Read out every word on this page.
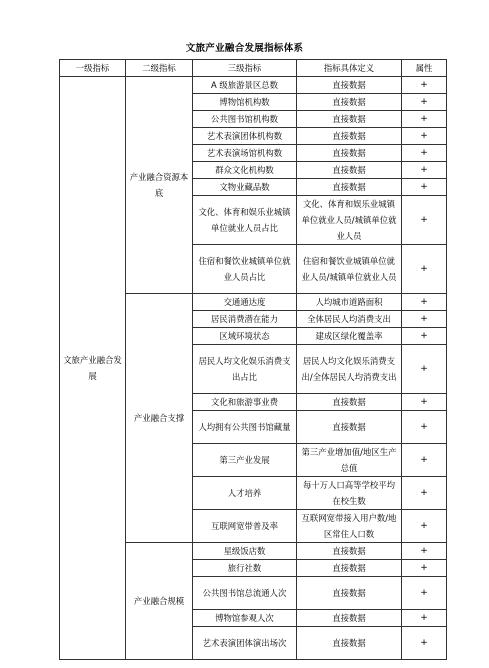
文旅产业融合发展指标体系
一级指标	二级指标	三级指标	指标具体定义	属性
文旅产业融合发展	产业融合资源本底	A 级旅游景区总数	直接数据	+
		博物馆机构数	直接数据	+
		公共图书馆机构数	直接数据	+
		艺术表演团体机构数	直接数据	+
		艺术表演场馆机构数	直接数据	+
		群众文化机构数	直接数据	+
		文物业藏品数	直接数据	+
		文化、体育和娱乐业城镇单位就业人员占比	文化、体育和娱乐业城镇单位就业人员/城镇单位就业人员	+
		住宿和餐饮业城镇单位就业人员占比	住宿和餐饮业城镇单位就业人员/城镇单位就业人员	+
	产业融合支撑	交通通达度	人均城市道路面积	+
		居民消费潜在能力	全体居民人均消费支出	+
		区域环境状态	建成区绿化覆盖率	+
		居民人均文化娱乐消费支出占比	居民人均文化娱乐消费支出/全体居民人均消费支出	+
		文化和旅游事业费	直接数据	+
		人均拥有公共图书馆藏量	直接数据	+
		第三产业发展	第三产业增加值/地区生产总值	+
		人才培养	每十万人口高等学校平均在校生数	+
		互联网宽带普及率	互联网宽带接入用户数/地区常住人口数	+
	产业融合规模	星级饭店数	直接数据	+
		旅行社数	直接数据	+
		公共图书馆总流通人次	直接数据	+
		博物馆参观人次	直接数据	+
		艺术表演团体演出场次	直接数据	+
